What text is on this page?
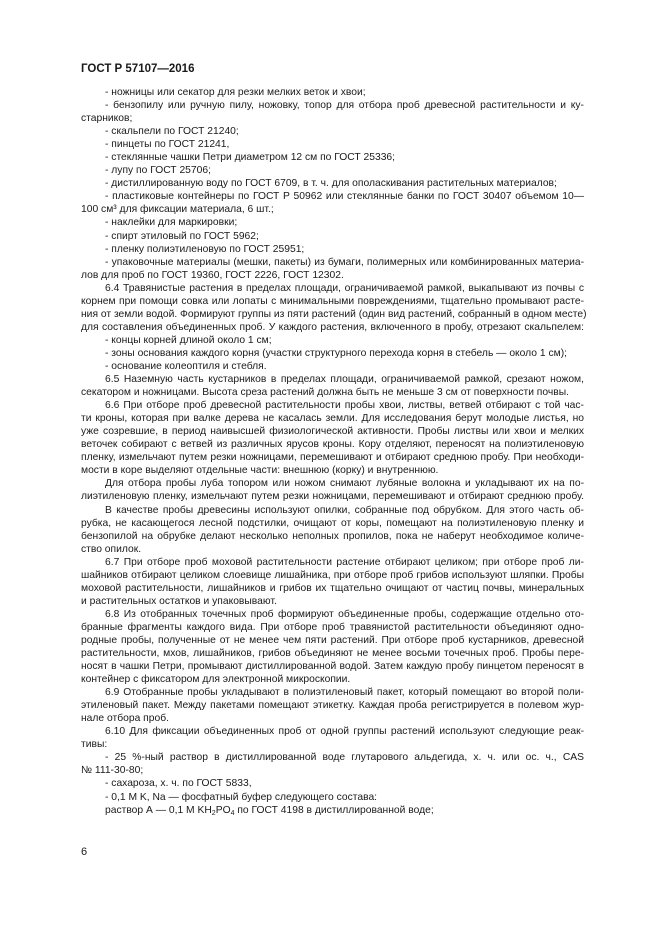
ГОСТ Р 57107—2016
- ножницы или секатор для резки мелких веток и хвои;
- бензопилу или ручную пилу, ножовку, топор для отбора проб древесной растительности и ку-
старников;
- скальпели по ГОСТ 21240;
- пинцеты по ГОСТ 21241,
- стеклянные чашки Петри диаметром 12 см по ГОСТ 25336;
- лупу по ГОСТ 25706;
- дистиллированную воду по ГОСТ 6709, в т. ч. для ополаскивания растительных материалов;
- пластиковые контейнеры по ГОСТ Р 50962 или стеклянные банки по ГОСТ 30407 объемом 10—
100 см³ для фиксации материала, 6 шт.;
- наклейки для маркировки;
- спирт этиловый по ГОСТ 5962;
- пленку полиэтиленовую по ГОСТ 25951;
- упаковочные материалы (мешки, пакеты) из бумаги, полимерных или комбинированных материа-
лов для проб по ГОСТ 19360, ГОСТ 2226, ГОСТ 12302.
6.4 Травянистые растения в пределах площади, ограничиваемой рамкой, выкапывают из почвы с
корнем при помощи совка или лопаты с минимальными повреждениями, тщательно промывают расте-
ния от земли водой. Формируют группы из пяти растений (один вид растений, собранный в одном месте)
для составления объединенных проб. У каждого растения, включенного в пробу, отрезают скальпелем:
- концы корней длиной около 1 см;
- зоны основания каждого корня (участки структурного перехода корня в стебель — около 1 см);
- основание колеоптиля и стебля.
6.5 Наземную часть кустарников в пределах площади, ограничиваемой рамкой, срезают ножом,
секатором и ножницами. Высота среза растений должна быть не меньше 3 см от поверхности почвы.
6.6 При отборе проб древесной растительности пробы хвои, листвы, ветвей отбирают с той час-
ти кроны, которая при валке дерева не касалась земли. Для исследования берут молодые листья, но
уже созревшие, в период наивысшей физиологической активности. Пробы листвы или хвои и мелких
веточек собирают с ветвей из различных ярусов кроны. Кору отделяют, переносят на полиэтиленовую
пленку, измельчают путем резки ножницами, перемешивают и отбирают среднюю пробу. При необходи-
мости в коре выделяют отдельные части: внешнюю (корку) и внутреннюю.
Для отбора пробы луба топором или ножом снимают лубяные волокна и укладывают их на по-
лиэтиленовую пленку, измельчают путем резки ножницами, перемешивают и отбирают среднюю пробу.
В качестве пробы древесины используют опилки, собранные под обрубком. Для этого часть об-
рубка, не касающегося лесной подстилки, очищают от коры, помещают на полиэтиленовую пленку и
бензопилой на обрубке делают несколько неполных пропилов, пока не наберут необходимое количе-
ство опилок.
6.7 При отборе проб моховой растительности растение отбирают целиком; при отборе проб ли-
шайников отбирают целиком слоевище лишайника, при отборе проб грибов используют шляпки. Пробы
моховой растительности, лишайников и грибов их тщательно очищают от частиц почвы, минеральных
и растительных остатков и упаковывают.
6.8 Из отобранных точечных проб формируют объединенные пробы, содержащие отдельно ото-
бранные фрагменты каждого вида. При отборе проб травянистой растительности объединяют одно-
родные пробы, полученные от не менее чем пяти растений. При отборе проб кустарников, древесной
растительности, мхов, лишайников, грибов объединяют не менее восьми точечных проб. Пробы пере-
носят в чашки Петри, промывают дистиллированной водой. Затем каждую пробу пинцетом переносят в
контейнер с фиксатором для электронной микроскопии.
6.9 Отобранные пробы укладывают в полиэтиленовый пакет, который помещают во второй поли-
этиленовый пакет. Между пакетами помещают этикетку. Каждая проба регистрируется в полевом жур-
нале отбора проб.
6.10 Для фиксации объединенных проб от одной группы растений используют следующие реак-
тивы:
- 25 %-ный раствор в дистиллированной воде глутарового альдегида, х. ч. или ос. ч., CAS
№ 111-30-80;
- сахароза, х. ч. по ГОСТ 5833,
- 0,1 М K, Na — фосфатный буфер следующего состава:
раствор А — 0,1 М $KH_2PO_4$ по ГОСТ 4198 в дистиллированной воде;
6
